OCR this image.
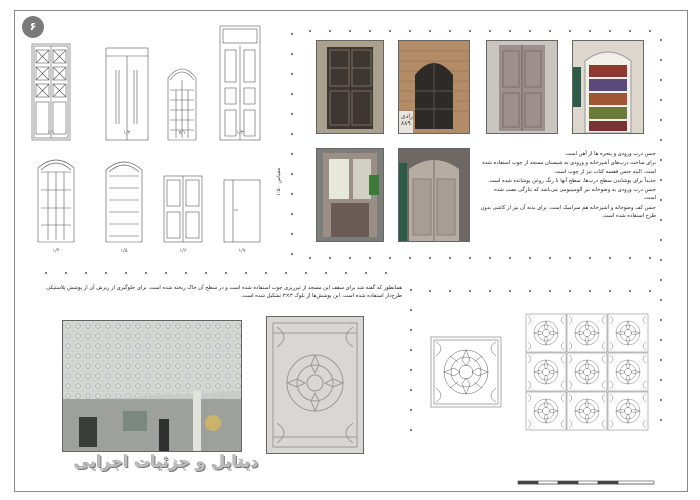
۶
۱/۱	۱/۲	۷/۱	۱/۳
۱/۴	۱/۵	۱/۶	۱/۷
مقیاس ۱:۵۰
رادی ۸۸۹

جنس درب ورودی و پنجره ها از آهن است.

برای ساخت درب‌های آشپزخانه و ورودی به شبستان مسجد از چوب استفاده شده است. البته جنس قفسه کتاب نیز از چوب است.

جدیداً برای پوشاندن سطح درب‌ها، سطح آنها با رنگ روغن پوشانده شده است.

جنس درب ورودی به وضوخانه نیز آلومینیومی می‌باشد که بتازگی نصب شده است.

جنس کف وضوخانه و آشپزخانه هم سرامیک است. برای بدنه آن نیز از کاشی بدون طرح استفاده شده است.

همانطور که گفته شد برای سقف این مسجد از تیرریزی چوب استفاده شده است و در سطح آن خاک ریخته شده است. برای جلوگیری از ریزش آن از پوشش پلاستیکی طرح‌دار استفاده شده است. این پوشش‌ها از بلوک ۳×۳ تشکیل شده است.
دیتایل و جزئیات اجرایی
